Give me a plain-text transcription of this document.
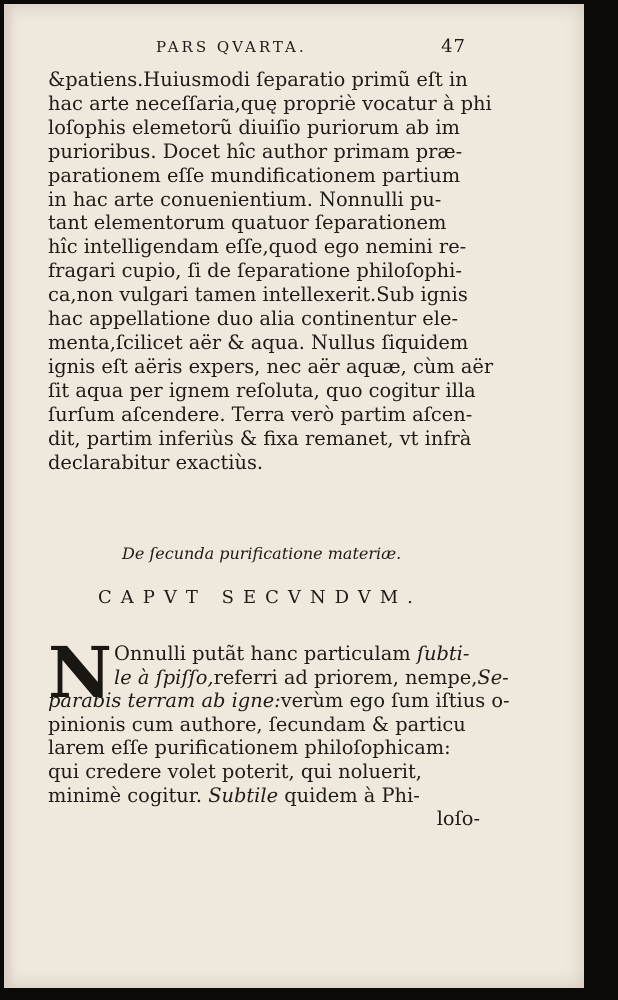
PARS QVARTA.	47
&patiens.Huiusmodi ſeparatio primũ eſt in
hac arte neceſſaria,quę propriè vocatur à phi
loſophis elemetorũ diuiſio puriorum ab im
purioribus. Docet hîc author primam præ-
parationem eſſe mundificationem partium
in hac arte conuenientium. Nonnulli pu-
tant elementorum quatuor ſeparationem
hîc intelligendam eſſe,quod ego nemini re-
fragari cupio, ſi de ſeparatione philoſophi-
ca,non vulgari tamen intellexerit.Sub ignis
hac appellatione duo alia continentur ele-
menta,ſcilicet aër & aqua. Nullus ſiquidem
ignis eſt aëris expers, nec aër aquæ, cùm aër
ſit aqua per ignem reſoluta, quo cogitur illa
ſurſum aſcendere. Terra verò partim aſcen-
dit, partim inferiùs & fixa remanet, vt infrà
declarabitur exactiùs.
De ſecunda purificatione materiæ.
CAPVT SECVNDVM.
N Onnulli putãt hanc particulam ſubti-
le à ſpiſſo,referri ad priorem, nempe,Se-
parabis terram ab igne:verùm ego ſum iſtius o-
pinionis cum authore, ſecundam & particu
larem eſſe purificationem philoſophicam:
qui credere volet poterit, qui noluerit,
minimè cogitur. Subtile quidem à Phi-
loſo-
